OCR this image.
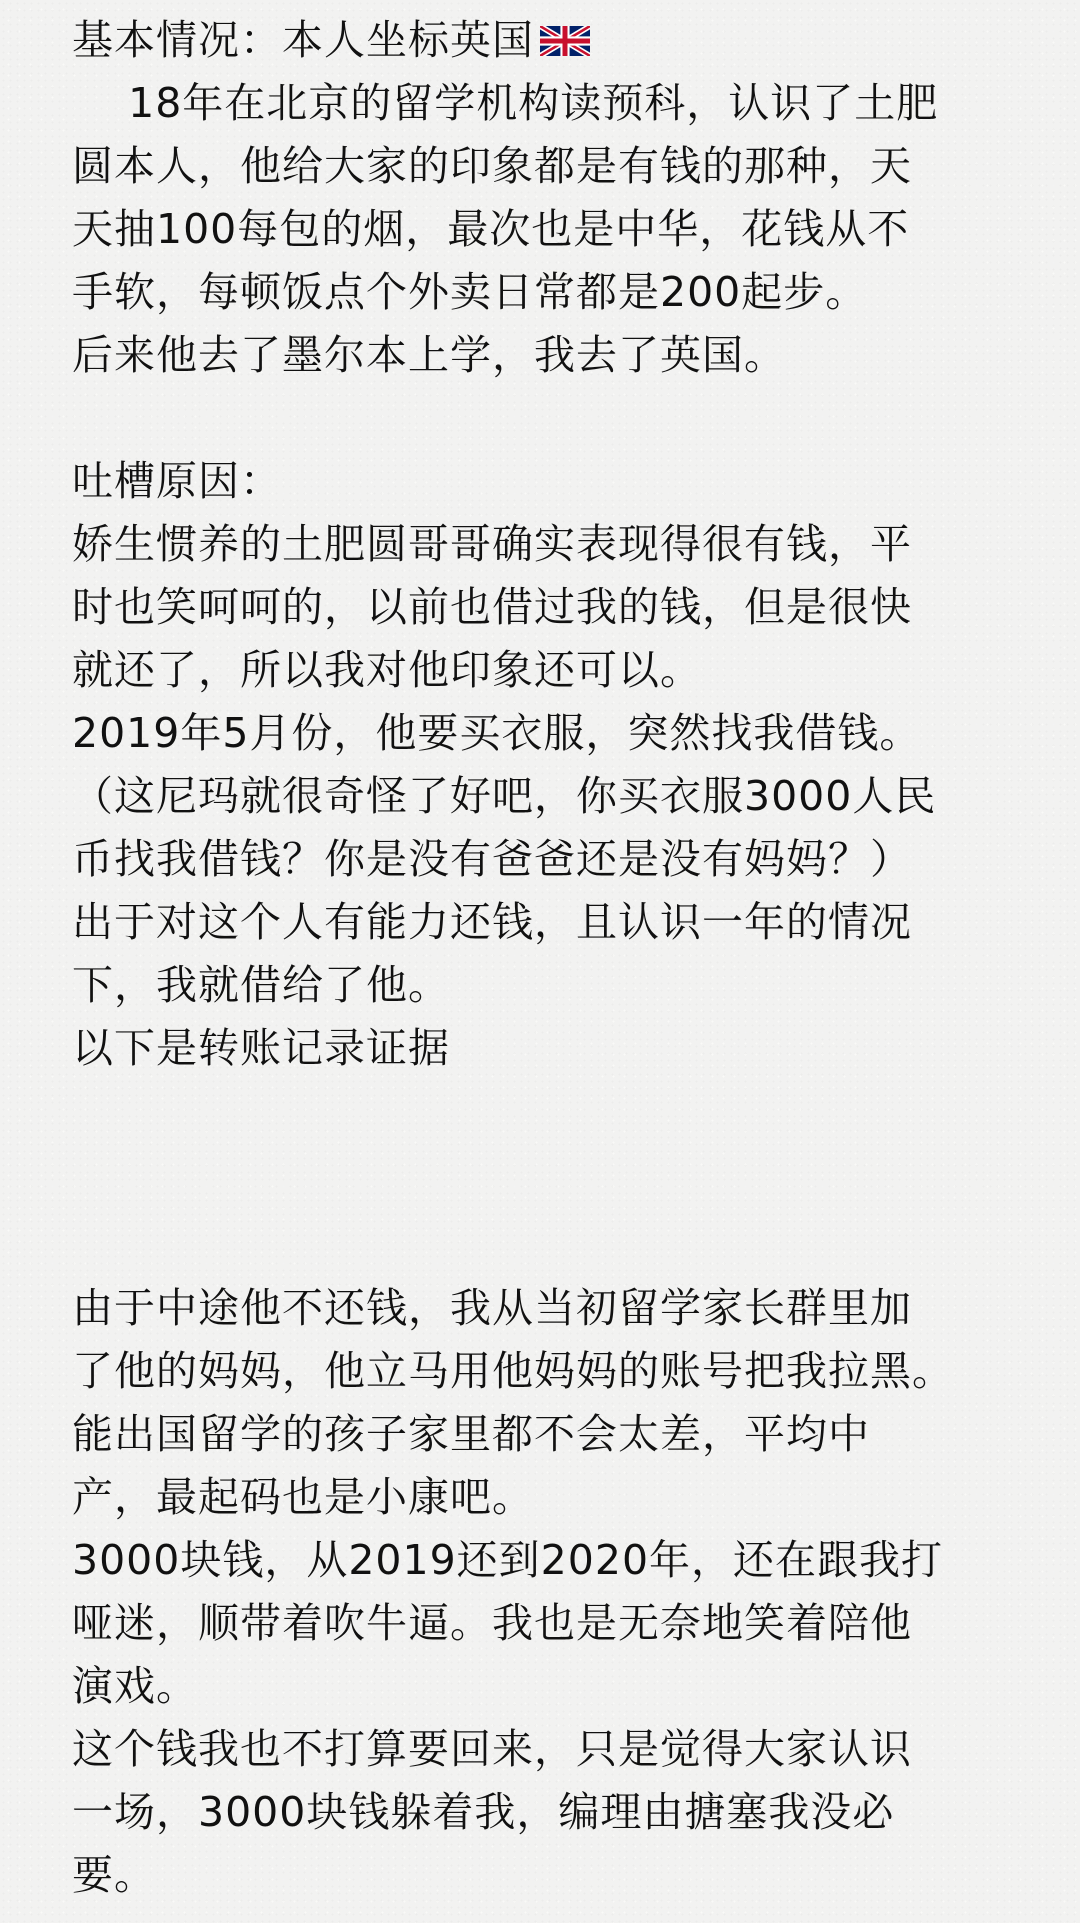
基本情况：本人坐标英国
18年在北京的留学机构读预科，认识了土肥
圆本人，他给大家的印象都是有钱的那种，天
天抽100每包的烟，最次也是中华，花钱从不
手软，每顿饭点个外卖日常都是200起步。
后来他去了墨尔本上学，我去了英国。
吐槽原因：
娇生惯养的土肥圆哥哥确实表现得很有钱，平
时也笑呵呵的，以前也借过我的钱，但是很快
就还了，所以我对他印象还可以。
2019年5月份，他要买衣服，突然找我借钱。
（这尼玛就很奇怪了好吧，你买衣服3000人民
币找我借钱？你是没有爸爸还是没有妈妈？）
出于对这个人有能力还钱，且认识一年的情况
下，我就借给了他。
以下是转账记录证据
由于中途他不还钱，我从当初留学家长群里加
了他的妈妈，他立马用他妈妈的账号把我拉黑。
能出国留学的孩子家里都不会太差，平均中
产，最起码也是小康吧。
3000块钱，从2019还到2020年，还在跟我打
哑迷，顺带着吹牛逼。我也是无奈地笑着陪他
演戏。
这个钱我也不打算要回来，只是觉得大家认识
一场，3000块钱躲着我，编理由搪塞我没必
要。
